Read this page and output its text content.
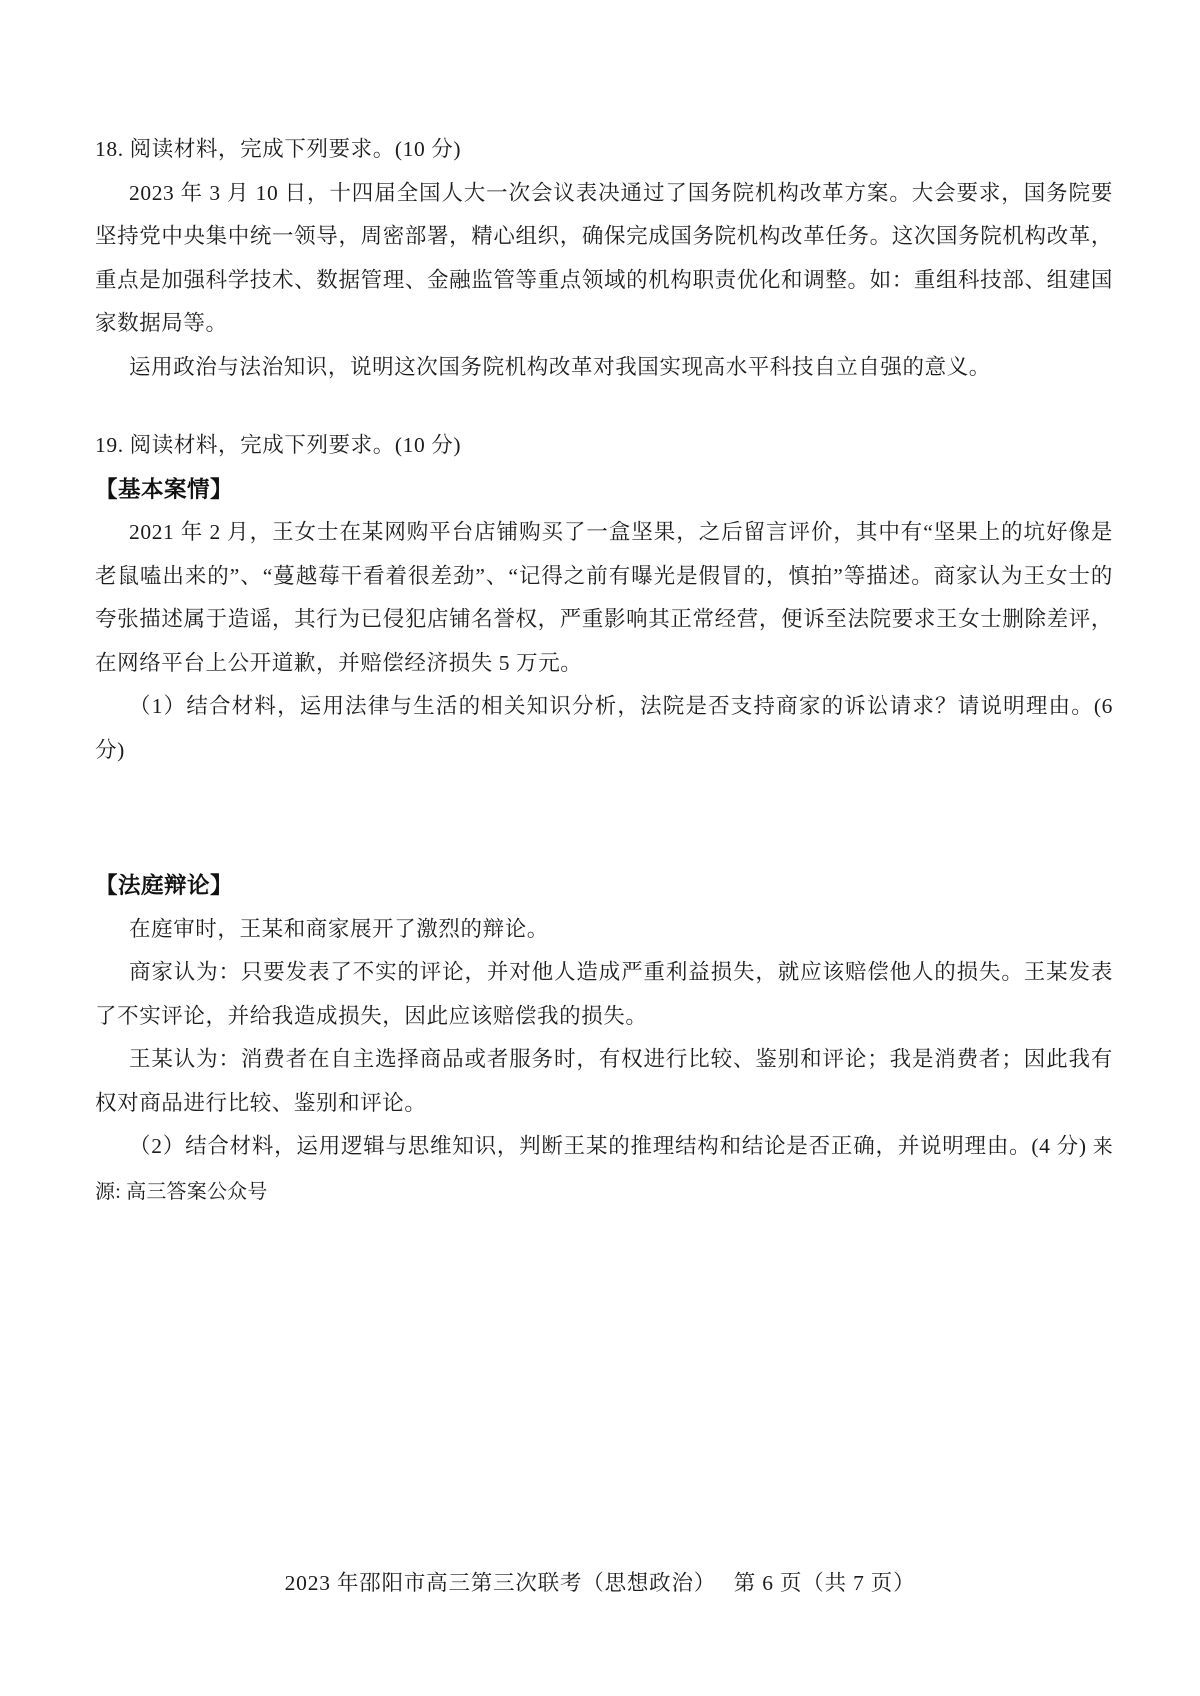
18. 阅读材料，完成下列要求。(10 分)

2023 年 3 月 10 日，十四届全国人大一次会议表决通过了国务院机构改革方案。大会要求，国务院要坚持党中央集中统一领导，周密部署，精心组织，确保完成国务院机构改革任务。这次国务院机构改革，重点是加强科学技术、数据管理、金融监管等重点领域的机构职责优化和调整。如：重组科技部、组建国家数据局等。

运用政治与法治知识，说明这次国务院机构改革对我国实现高水平科技自立自强的意义。

19. 阅读材料，完成下列要求。(10 分)

【基本案情】

2021 年 2 月，王女士在某网购平台店铺购买了一盒坚果，之后留言评价，其中有“坚果上的坑好像是老鼠嗑出来的”、“蔓越莓干看着很差劲”、“记得之前有曝光是假冒的，慎拍”等描述。商家认为王女士的夸张描述属于造谣，其行为已侵犯店铺名誉权，严重影响其正常经营，便诉至法院要求王女士删除差评，在网络平台上公开道歉，并赔偿经济损失 5 万元。

（1）结合材料，运用法律与生活的相关知识分析，法院是否支持商家的诉讼请求？请说明理由。(6 分)

【法庭辩论】

在庭审时，王某和商家展开了激烈的辩论。

商家认为：只要发表了不实的评论，并对他人造成严重利益损失，就应该赔偿他人的损失。王某发表了不实评论，并给我造成损失，因此应该赔偿我的损失。

王某认为：消费者在自主选择商品或者服务时，有权进行比较、鉴别和评论；我是消费者；因此我有权对商品进行比较、鉴别和评论。

（2）结合材料，运用逻辑与思维知识，判断王某的推理结构和结论是否正确，并说明理由。(4 分) 来源: 高三答案公众号

2023 年邵阳市高三第三次联考（思想政治）　 第 6 页（共 7 页）
